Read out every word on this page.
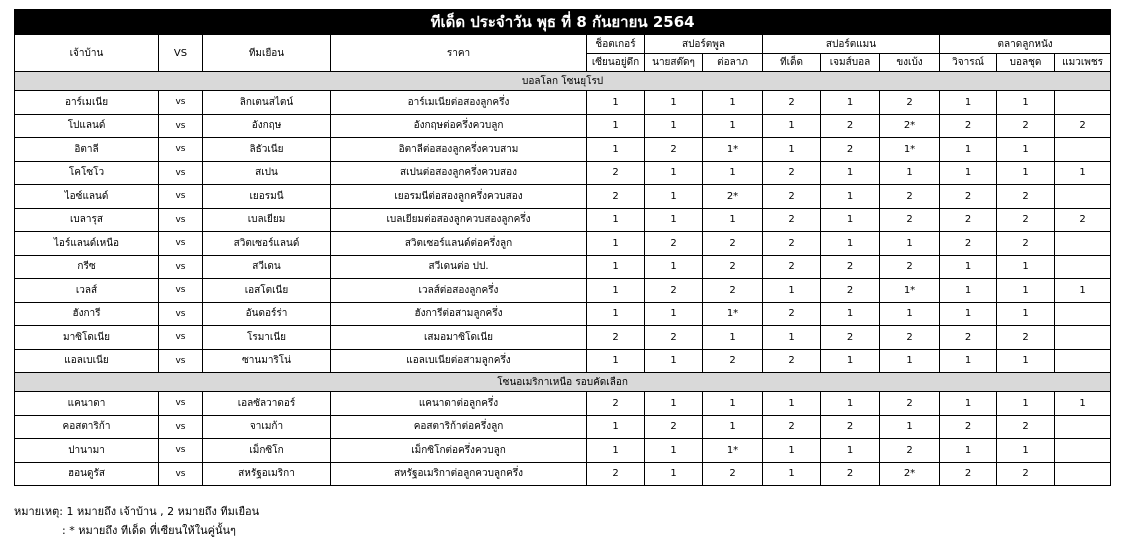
ทีเด็ด ประจำวัน พุธ ที่ 8 กันยายน 2564												
เจ้าบ้าน	VS	ทีมเยือน	ราคา	ช็อตเกอร์	สปอร์ตพูล		สปอร์ตแมน			ตลาดลูกหนัง		
				เซียนอยู่ดึก	นายสต๊ดๆ	ต่อลาภ	ทีเด็ด	เจมส์บอล	ขงเบ้ง	วิจารณ์	บอลชุด	แมวเพชร
บอลโลก โซนยุโรป												
อาร์เมเนีย	vs	ลิกเตนสไตน์	อาร์เมเนียต่อสองลูกครึ่ง	1	1	1	2	1	2	1	1	
โปแลนด์	vs	อังกฤษ	อังกฤษต่อครึ่งควบลูก	1	1	1	1	2	2*	2	2	2
อิตาลี	vs	ลิธัวเนีย	อิตาลีต่อสองลูกครึ่งควบสาม	1	2	1*	1	2	1*	1	1	
โคโซโว	vs	สเปน	สเปนต่อสองลูกครึ่งควบสอง	2	1	1	2	1	1	1	1	1
ไอซ์แลนด์	vs	เยอรมนี	เยอรมนีต่อสองลูกครึ่งควบสอง	2	1	2*	2	1	2	2	2	
เบลารุส	vs	เบลเยียม	เบลเยียมต่อสองลูกควบสองลูกครึ่ง	1	1	1	2	1	2	2	2	2
ไอร์แลนด์เหนือ	vs	สวิตเซอร์แลนด์	สวิตเซอร์แลนด์ต่อครึ่งลูก	1	2	2	2	1	1	2	2	
กรีซ	vs	สวีเดน	สวีเดนต่อ ปป.	1	1	2	2	2	2	1	1	
เวลส์	vs	เอสโตเนีย	เวลส์ต่อสองลูกครึ่ง	1	2	2	1	2	1*	1	1	1
ฮังการี	vs	อันดอร์ร่า	ฮังการีต่อสามลูกครึ่ง	1	1	1*	2	1	1	1	1	
มาซิโดเนีย	vs	โรมาเนีย	เสมอมาซิโดเนีย	2	2	1	1	2	2	2	2	
แอลเบเนีย	vs	ซานมาริโน่	แอลเบเนียต่อสามลูกครึ่ง	1	1	2	2	1	1	1	1	
โซนอเมริกาเหนือ รอบคัดเลือก												
แคนาดา	vs	เอลซัลวาดอร์	แคนาดาต่อลูกครึ่ง	2	1	1	1	1	2	1	1	1
คอสตาริก้า	vs	จาเมก้า	คอสตาริก้าต่อครึ่งลูก	1	2	1	2	2	1	2	2	
ปานามา	vs	เม็กซิโก	เม็กซิโกต่อครึ่งควบลูก	1	1	1*	1	1	2	1	1	
ฮอนดูรัส	vs	สหรัฐอเมริกา	สหรัฐอเมริกาต่อลูกควบลูกครึ่ง	2	1	2	1	2	2*	2	2	
หมายเหตุ: 1 หมายถึง เจ้าบ้าน , 2 หมายถึง ทีมเยือน
: * หมายถึง ทีเด็ด ที่เซียนให้ในคู่นั้นๆ
